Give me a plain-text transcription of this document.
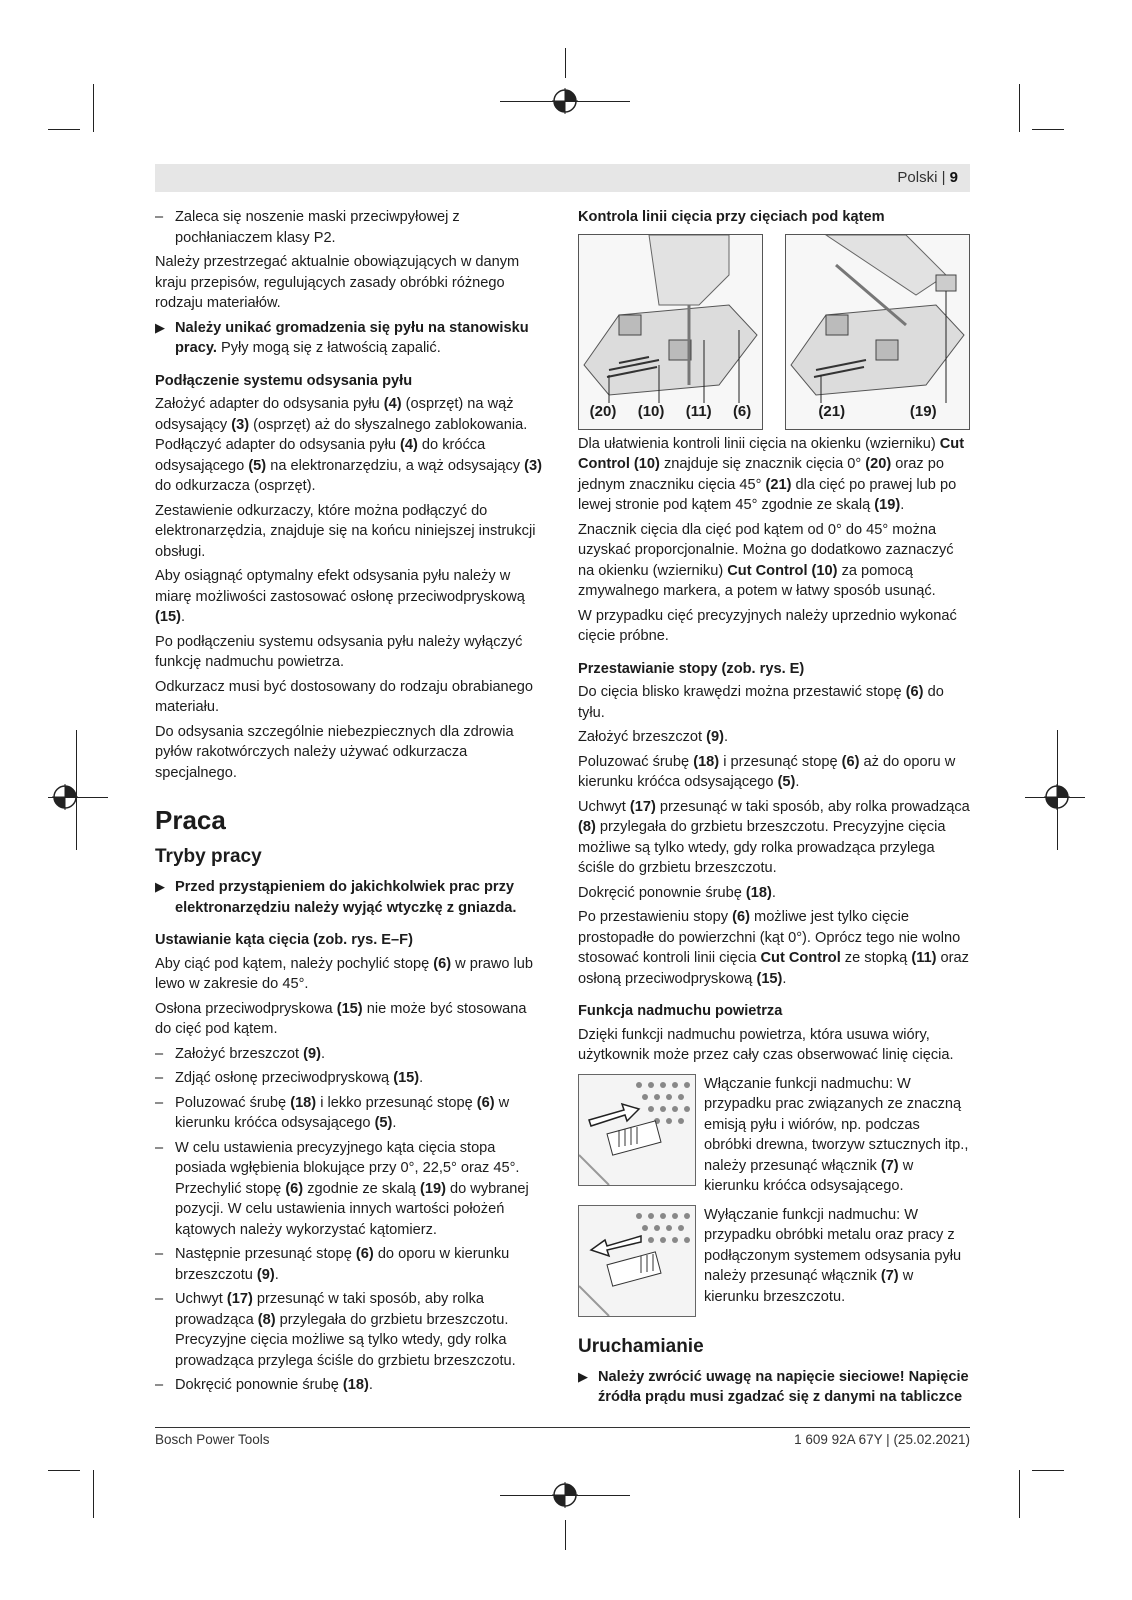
Polski | 9
– Zaleca się noszenie maski przeciwpyłowej z pochłaniaczem klasy P2.

Należy przestrzegać aktualnie obowiązujących w danym kraju przepisów, regulujących zasady obróbki różnego rodzaju materiałów.

▶ Należy unikać gromadzenia się pyłu na stanowisku pracy. Pyły mogą się z łatwością zapalić.
Podłączenie systemu odsysania pyłu

Założyć adapter do odsysania pyłu (4) (osprzęt) na wąż odsysający (3) (osprzęt) aż do słyszalnego zablokowania. Podłączyć adapter do odsysania pyłu (4) do króćca odsysającego (5) na elektronarzędziu, a wąż odsysający (3) do odkurzacza (osprzęt).

Zestawienie odkurzaczy, które można podłączyć do elektronarzędzia, znajduje się na końcu niniejszej instrukcji obsługi.

Aby osiągnąć optymalny efekt odsysania pyłu należy w miarę możliwości zastosować osłonę przeciwodpryskową (15).

Po podłączeniu systemu odsysania pyłu należy wyłączyć funkcję nadmuchu powietrza.

Odkurzacz musi być dostosowany do rodzaju obrabianego materiału.

Do odsysania szczególnie niebezpiecznych dla zdrowia pyłów rakotwórczych należy używać odkurzacza specjalnego.

Praca
Tryby pracy
▶ Przed przystąpieniem do jakichkolwiek prac przy elektronarzędziu należy wyjąć wtyczkę z gniazda.
Ustawianie kąta cięcia (zob. rys. E–F)

Aby ciąć pod kątem, należy pochylić stopę (6) w prawo lub lewo w zakresie do 45°.

Osłona przeciwodpryskowa (15) nie może być stosowana do cięć pod kątem.

– Założyć brzeszczot (9).
– Zdjąć osłonę przeciwodpryskową (15).
– Poluzować śrubę (18) i lekko przesunąć stopę (6) w kierunku króćca odsysającego (5).
– W celu ustawienia precyzyjnego kąta cięcia stopa posiada wgłębienia blokujące przy 0°, 22,5° oraz 45°. Przechylić stopę (6) zgodnie ze skalą (19) do wybranej pozycji. W celu ustawienia innych wartości położeń kątowych należy wykorzystać kątomierz.
– Następnie przesunąć stopę (6) do oporu w kierunku brzeszczotu (9).
– Uchwyt (17) przesunąć w taki sposób, aby rolka prowadząca (8) przylegała do grzbietu brzeszczotu. Precyzyjne cięcia możliwe są tylko wtedy, gdy rolka prowadząca przylega ściśle do grzbietu brzeszczotu.
– Dokręcić ponownie śrubę (18).
Kontrola linii cięcia przy cięciach pod kątem
(20) (10) (11) (6)	(21)	(19)

Dla ułatwienia kontroli linii cięcia na okienku (wzierniku) Cut Control (10) znajduje się znacznik cięcia 0° (20) oraz po jednym znaczniku cięcia 45° (21) dla cięć po prawej lub po lewej stronie pod kątem 45° zgodnie ze skalą (19).

Znacznik cięcia dla cięć pod kątem od 0° do 45° można uzyskać proporcjonalnie. Można go dodatkowo zaznaczyć na okienku (wzierniku) Cut Control (10) za pomocą zmywalnego markera, a potem w łatwy sposób usunąć.

W przypadku cięć precyzyjnych należy uprzednio wykonać cięcie próbne.

Przestawianie stopy (zob. rys. E)

Do cięcia blisko krawędzi można przestawić stopę (6) do tyłu.

Założyć brzeszczot (9).

Poluzować śrubę (18) i przesunąć stopę (6) aż do oporu w kierunku króćca odsysającego (5).

Uchwyt (17) przesunąć w taki sposób, aby rolka prowadząca (8) przylegała do grzbietu brzeszczotu. Precyzyjne cięcia możliwe są tylko wtedy, gdy rolka prowadząca przylega ściśle do grzbietu brzeszczotu.

Dokręcić ponownie śrubę (18).

Po przestawieniu stopy (6) możliwe jest tylko cięcie prostopadłe do powierzchni (kąt 0°). Oprócz tego nie wolno stosować kontroli linii cięcia Cut Control ze stopką (11) oraz osłoną przeciwodpryskową (15).

Funkcja nadmuchu powietrza

Dzięki funkcji nadmuchu powietrza, która usuwa wióry, użytkownik może przez cały czas obserwować linię cięcia.

Włączanie funkcji nadmuchu: W przypadku prac związanych ze znaczną emisją pyłu i wiórów, np. podczas obróbki drewna, tworzyw sztucznych itp., należy przesunąć włącznik (7) w kierunku króćca odsysającego.
Wyłączanie funkcji nadmuchu: W przypadku obróbki metalu oraz pracy z podłączonym systemem odsysania pyłu należy przesunąć włącznik (7) w kierunku brzeszczotu.
Uruchamianie
▶ Należy zwrócić uwagę na napięcie sieciowe! Napięcie źródła prądu musi zgadzać się z danymi na tabliczce
Bosch Power Tools	1 609 92A 67Y | (25.02.2021)
